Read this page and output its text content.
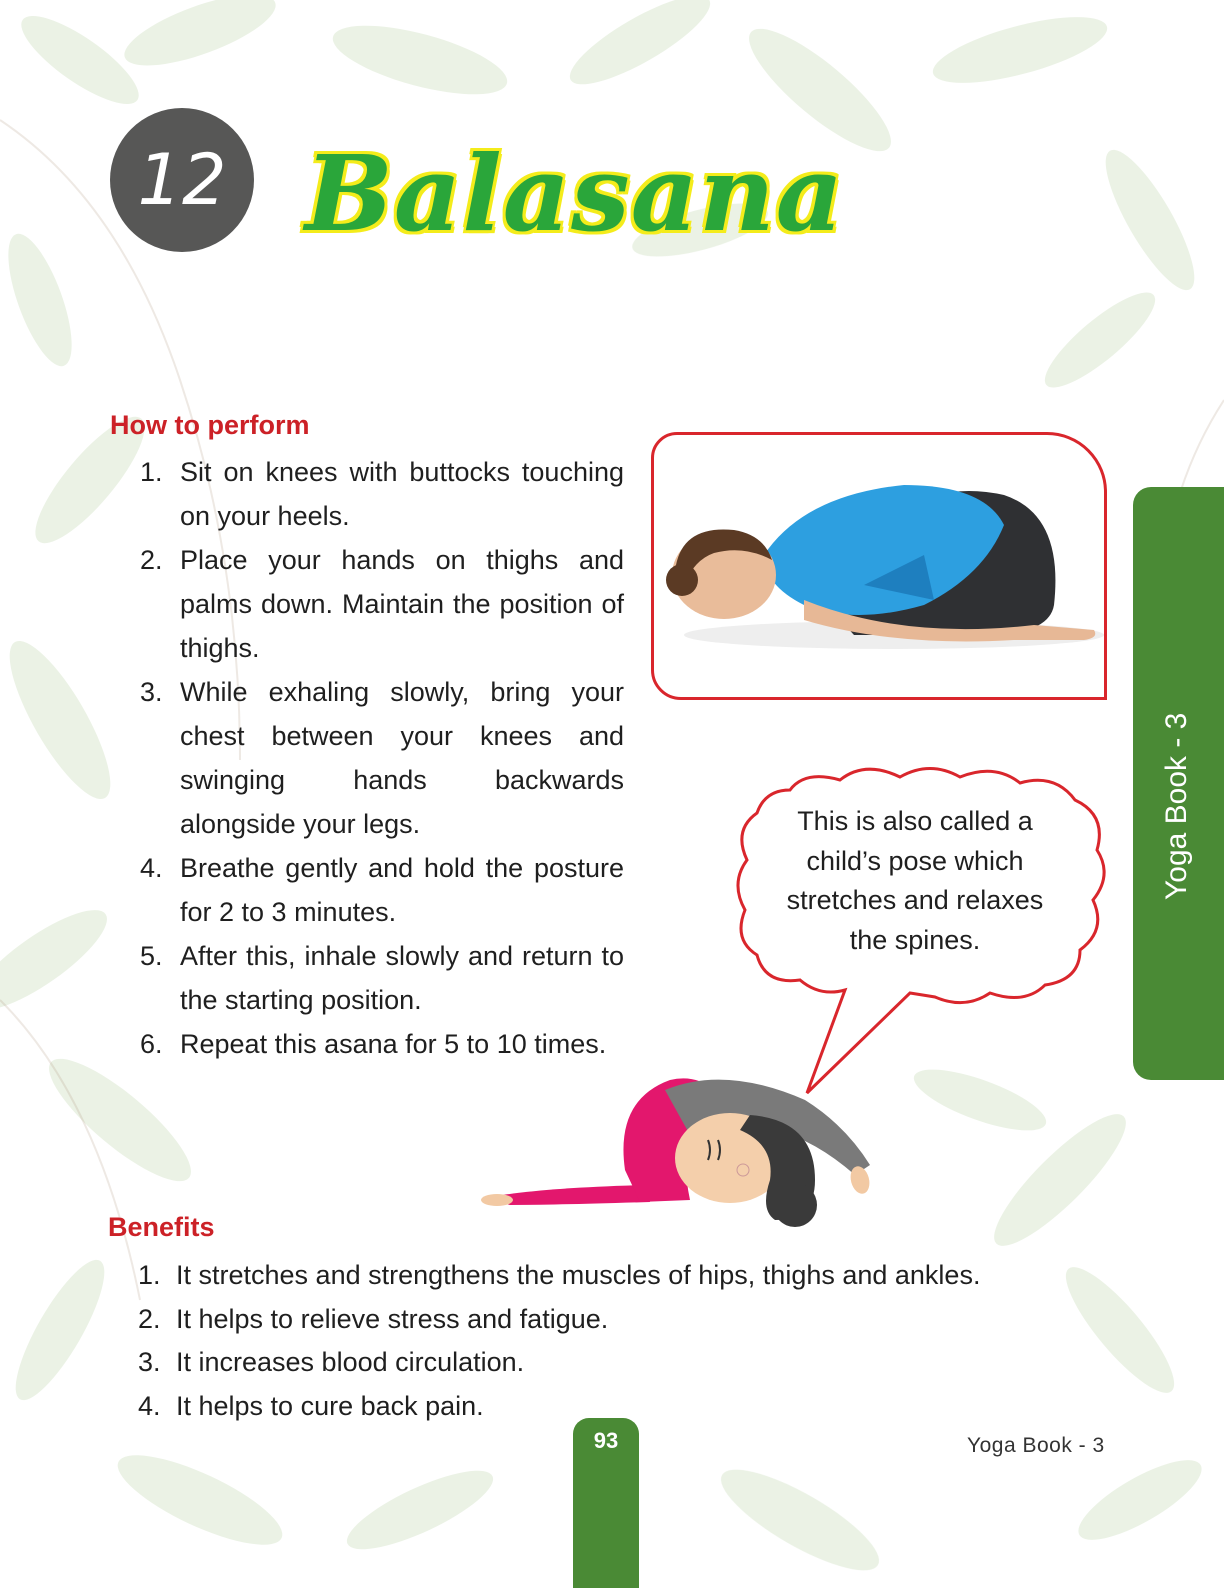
12 Balasana
How to perform
1. Sit on knees with buttocks touching on your heels.
2. Place your hands on thighs and palms down. Maintain the position of thighs.
3. While exhaling slowly, bring your chest between your knees and swinging hands backwards alongside your legs.
4. Breathe gently and hold the posture for 2 to 3 minutes.
5. After this, inhale slowly and return to the starting position.
6. Repeat this asana for 5 to 10 times.
This is also called a child’s pose which stretches and relaxes the spines.
Benefits
1. It stretches and strengthens the muscles of hips, thighs and ankles.
2. It helps to relieve stress and fatigue.
3. It increases blood circulation.
4. It helps to cure back pain.
Yoga Book - 3
93	Yoga Book - 3
